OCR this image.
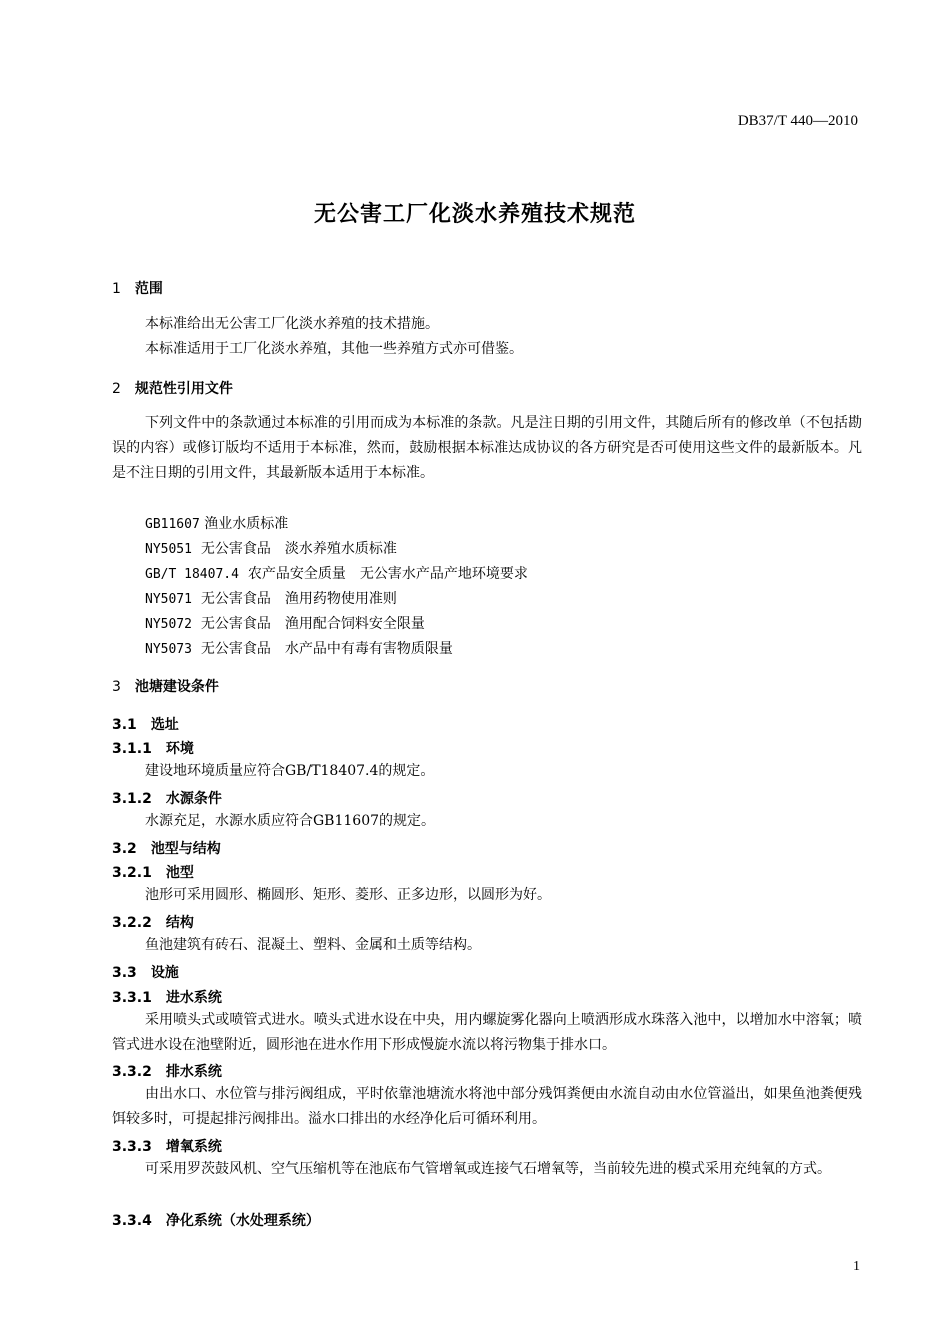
DB37/T 440—2010
无公害工厂化淡水养殖技术规范
1 范围
本标准给出无公害工厂化淡水养殖的技术措施。
本标准适用于工厂化淡水养殖，其他一些养殖方式亦可借鉴。
2 规范性引用文件
下列文件中的条款通过本标准的引用而成为本标准的条款。凡是注日期的引用文件，其随后所有的修改单（不包括勘误的内容）或修订版均不适用于本标准，然而，鼓励根据本标准达成协议的各方研究是否可使用这些文件的最新版本。凡是不注日期的引用文件，其最新版本适用于本标准。
GB11607 渔业水质标准
NY5051 无公害食品　淡水养殖水质标准
GB/T 18407.4 农产品安全质量　无公害水产品产地环境要求
NY5071 无公害食品　渔用药物使用准则
NY5072 无公害食品　渔用配合饲料安全限量
NY5073 无公害食品　水产品中有毒有害物质限量
3 池塘建设条件
3.1 选址
3.1.1 环境
建设地环境质量应符合GB/T18407.4的规定。
3.1.2 水源条件
水源充足，水源水质应符合GB11607的规定。
3.2 池型与结构
3.2.1 池型
池形可采用圆形、椭圆形、矩形、菱形、正多边形，以圆形为好。
3.2.2 结构
鱼池建筑有砖石、混凝土、塑料、金属和土质等结构。
3.3 设施
3.3.1 进水系统
采用喷头式或喷管式进水。喷头式进水设在中央，用内螺旋雾化器向上喷洒形成水珠落入池中，以增加水中溶氧；喷管式进水设在池壁附近，圆形池在进水作用下形成慢旋水流以将污物集于排水口。
3.3.2 排水系统
由出水口、水位管与排污阀组成，平时依靠池塘流水将池中部分残饵粪便由水流自动由水位管溢出，如果鱼池粪便残饵较多时，可提起排污阀排出。溢水口排出的水经净化后可循环利用。
3.3.3 增氧系统
可采用罗茨鼓风机、空气压缩机等在池底布气管增氧或连接气石增氧等，当前较先进的模式采用充纯氧的方式。
3.3.4 净化系统（水处理系统）
1
